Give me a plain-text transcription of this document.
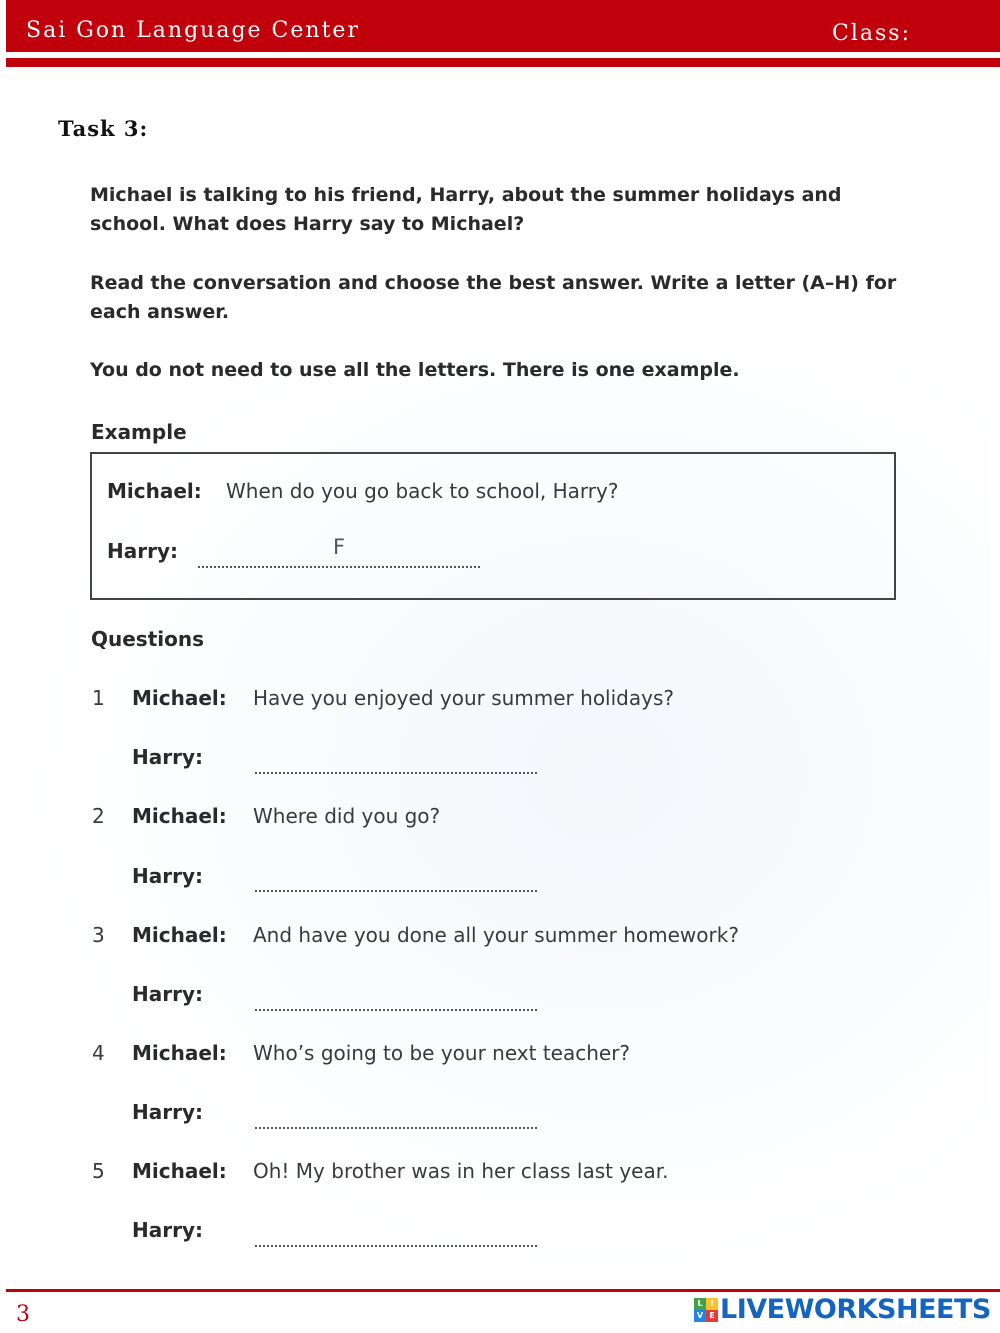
Sai Gon Language Center	Class:
Task 3:
Michael is talking to his friend, Harry, about the summer holidays and school. What does Harry say to Michael?
Read the conversation and choose the best answer. Write a letter (A–H) for each answer.
You do not need to use all the letters. There is one example.
Example
Michael: When do you go back to school, Harry?
Harry:	F
Questions
1 Michael: Have you enjoyed your summer holidays?
Harry:
2 Michael: Where did you go?
Harry:
3 Michael: And have you done all your summer homework?
Harry:
4 Michael: Who’s going to be your next teacher?
Harry:
5 Michael: Oh! My brother was in her class last year.
Harry:
3	L I
V E LIVEWORKSHEETS
